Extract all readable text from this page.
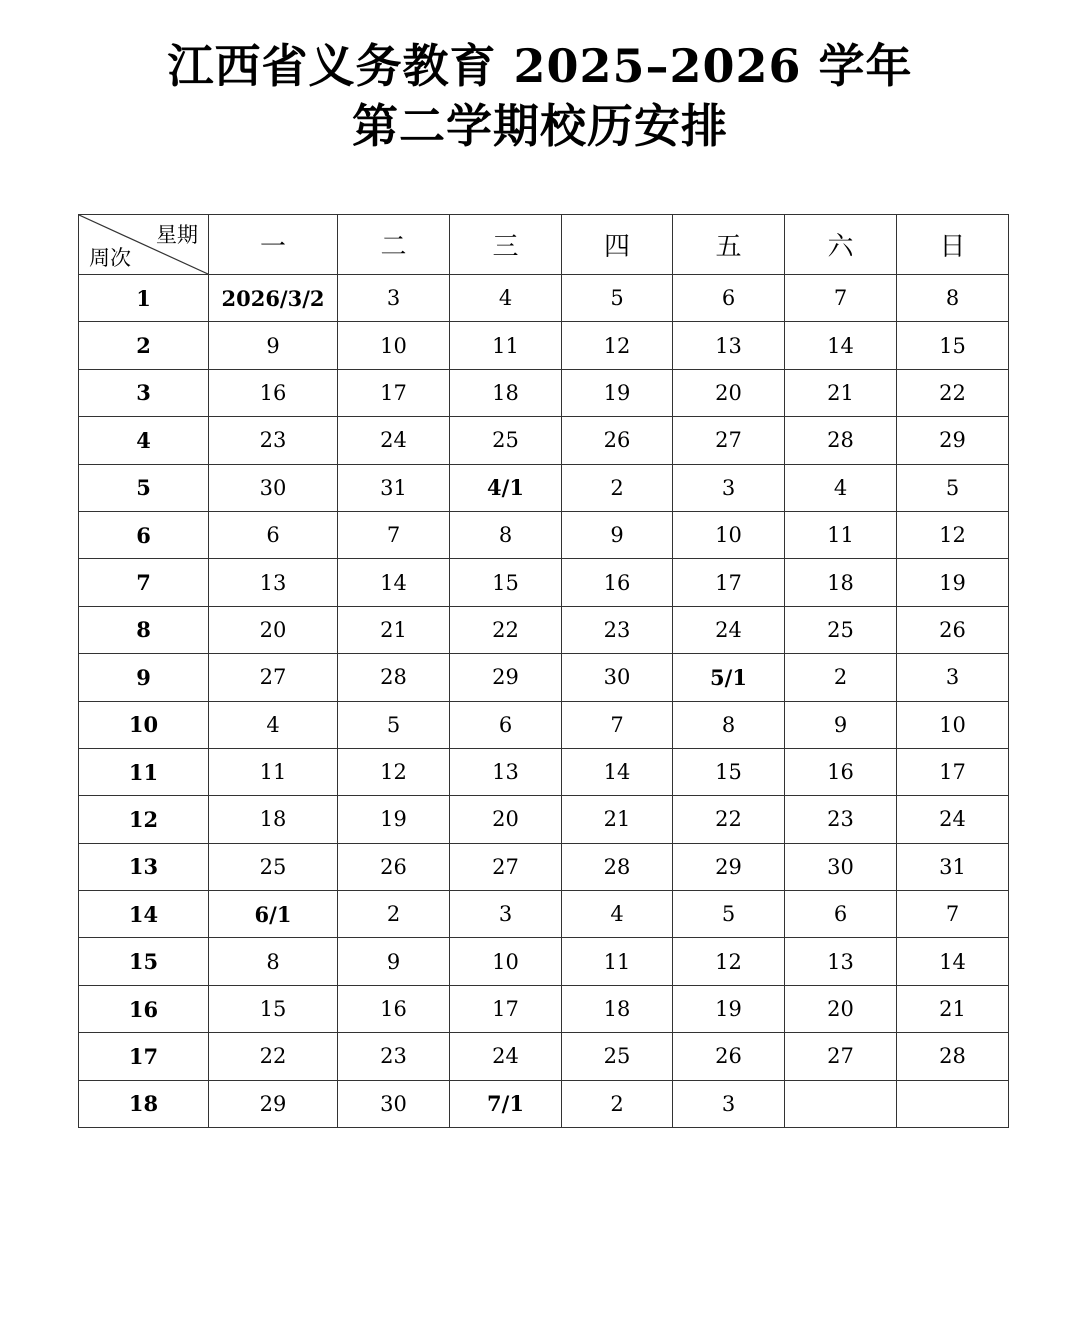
江西省义务教育 2025–2026 学年
第二学期校历安排
星期
周次	一	二	三	四	五	六	日
1	2026/3/2	3	4	5	6	7	8
2	9	10	11	12	13	14	15
3	16	17	18	19	20	21	22
4	23	24	25	26	27	28	29
5	30	31	4/1	2	3	4	5
6	6	7	8	9	10	11	12
7	13	14	15	16	17	18	19
8	20	21	22	23	24	25	26
9	27	28	29	30	5/1	2	3
10	4	5	6	7	8	9	10
11	11	12	13	14	15	16	17
12	18	19	20	21	22	23	24
13	25	26	27	28	29	30	31
14	6/1	2	3	4	5	6	7
15	8	9	10	11	12	13	14
16	15	16	17	18	19	20	21
17	22	23	24	25	26	27	28
18	29	30	7/1	2	3		
